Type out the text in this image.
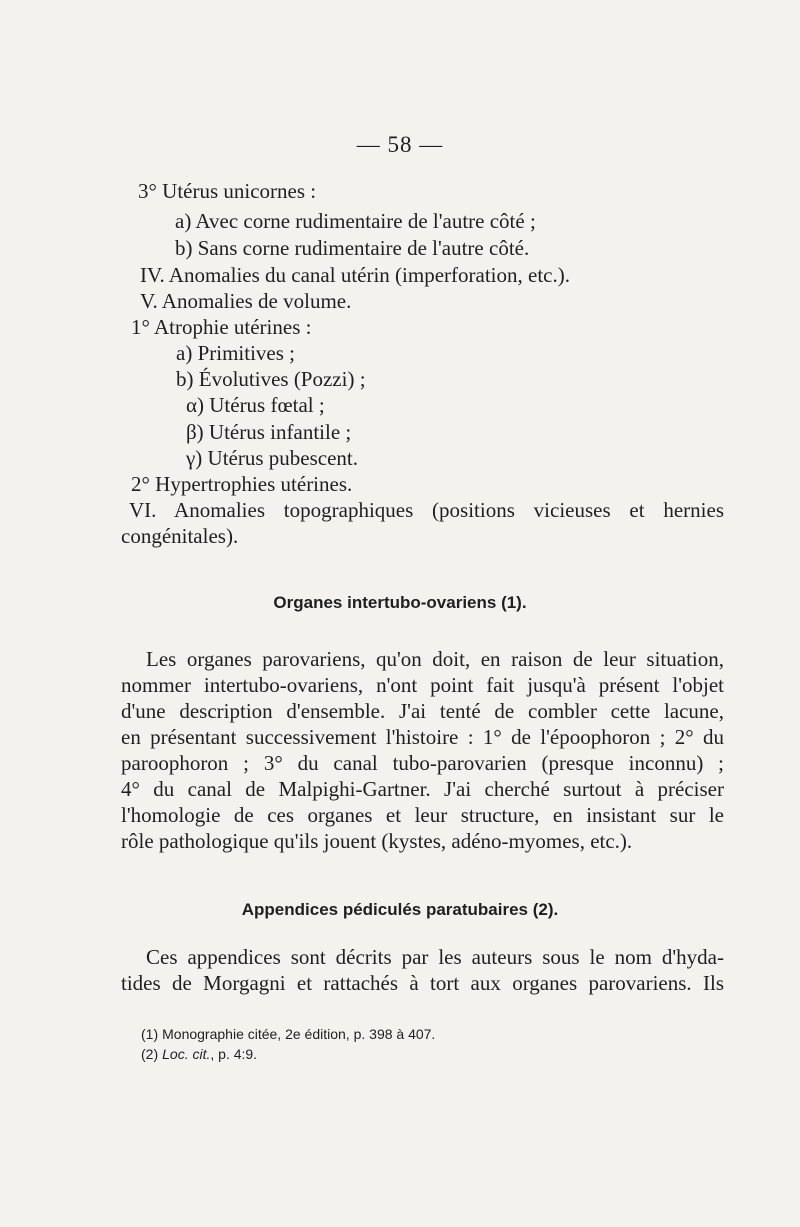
— 58 —
3° Utérus unicornes :
a) Avec corne rudimentaire de l'autre côté ;
b) Sans corne rudimentaire de l'autre côté.
IV. Anomalies du canal utérin (imperforation, etc.).
V. Anomalies de volume.
1° Atrophie utérines :
a) Primitives ;
b) Évolutives (Pozzi) ;
α) Utérus fœtal ;
β) Utérus infantile ;
γ) Utérus pubescent.
2° Hypertrophies utérines.
VI. Anomalies topographiques (positions vicieuses et hernies
congénitales).
Organes intertubo-ovariens (1).
Les organes parovariens, qu'on doit, en raison de leur situation,
nommer intertubo-ovariens, n'ont point fait jusqu'à présent l'objet
d'une description d'ensemble. J'ai tenté de combler cette lacune,
en présentant successivement l'histoire : 1° de l'époophoron ; 2° du
paroophoron ; 3° du canal tubo-parovarien (presque inconnu) ;
4° du canal de Malpighi-Gartner. J'ai cherché surtout à préciser
l'homologie de ces organes et leur structure, en insistant sur le
rôle pathologique qu'ils jouent (kystes, adéno-myomes, etc.).
Appendices pédiculés paratubaires (2).
Ces appendices sont décrits par les auteurs sous le nom d'hyda-
tides de Morgagni et rattachés à tort aux organes parovariens. Ils
(1) Monographie citée, 2e édition, p. 398 à 407.
(2) Loc. cit., p. 4:9.
